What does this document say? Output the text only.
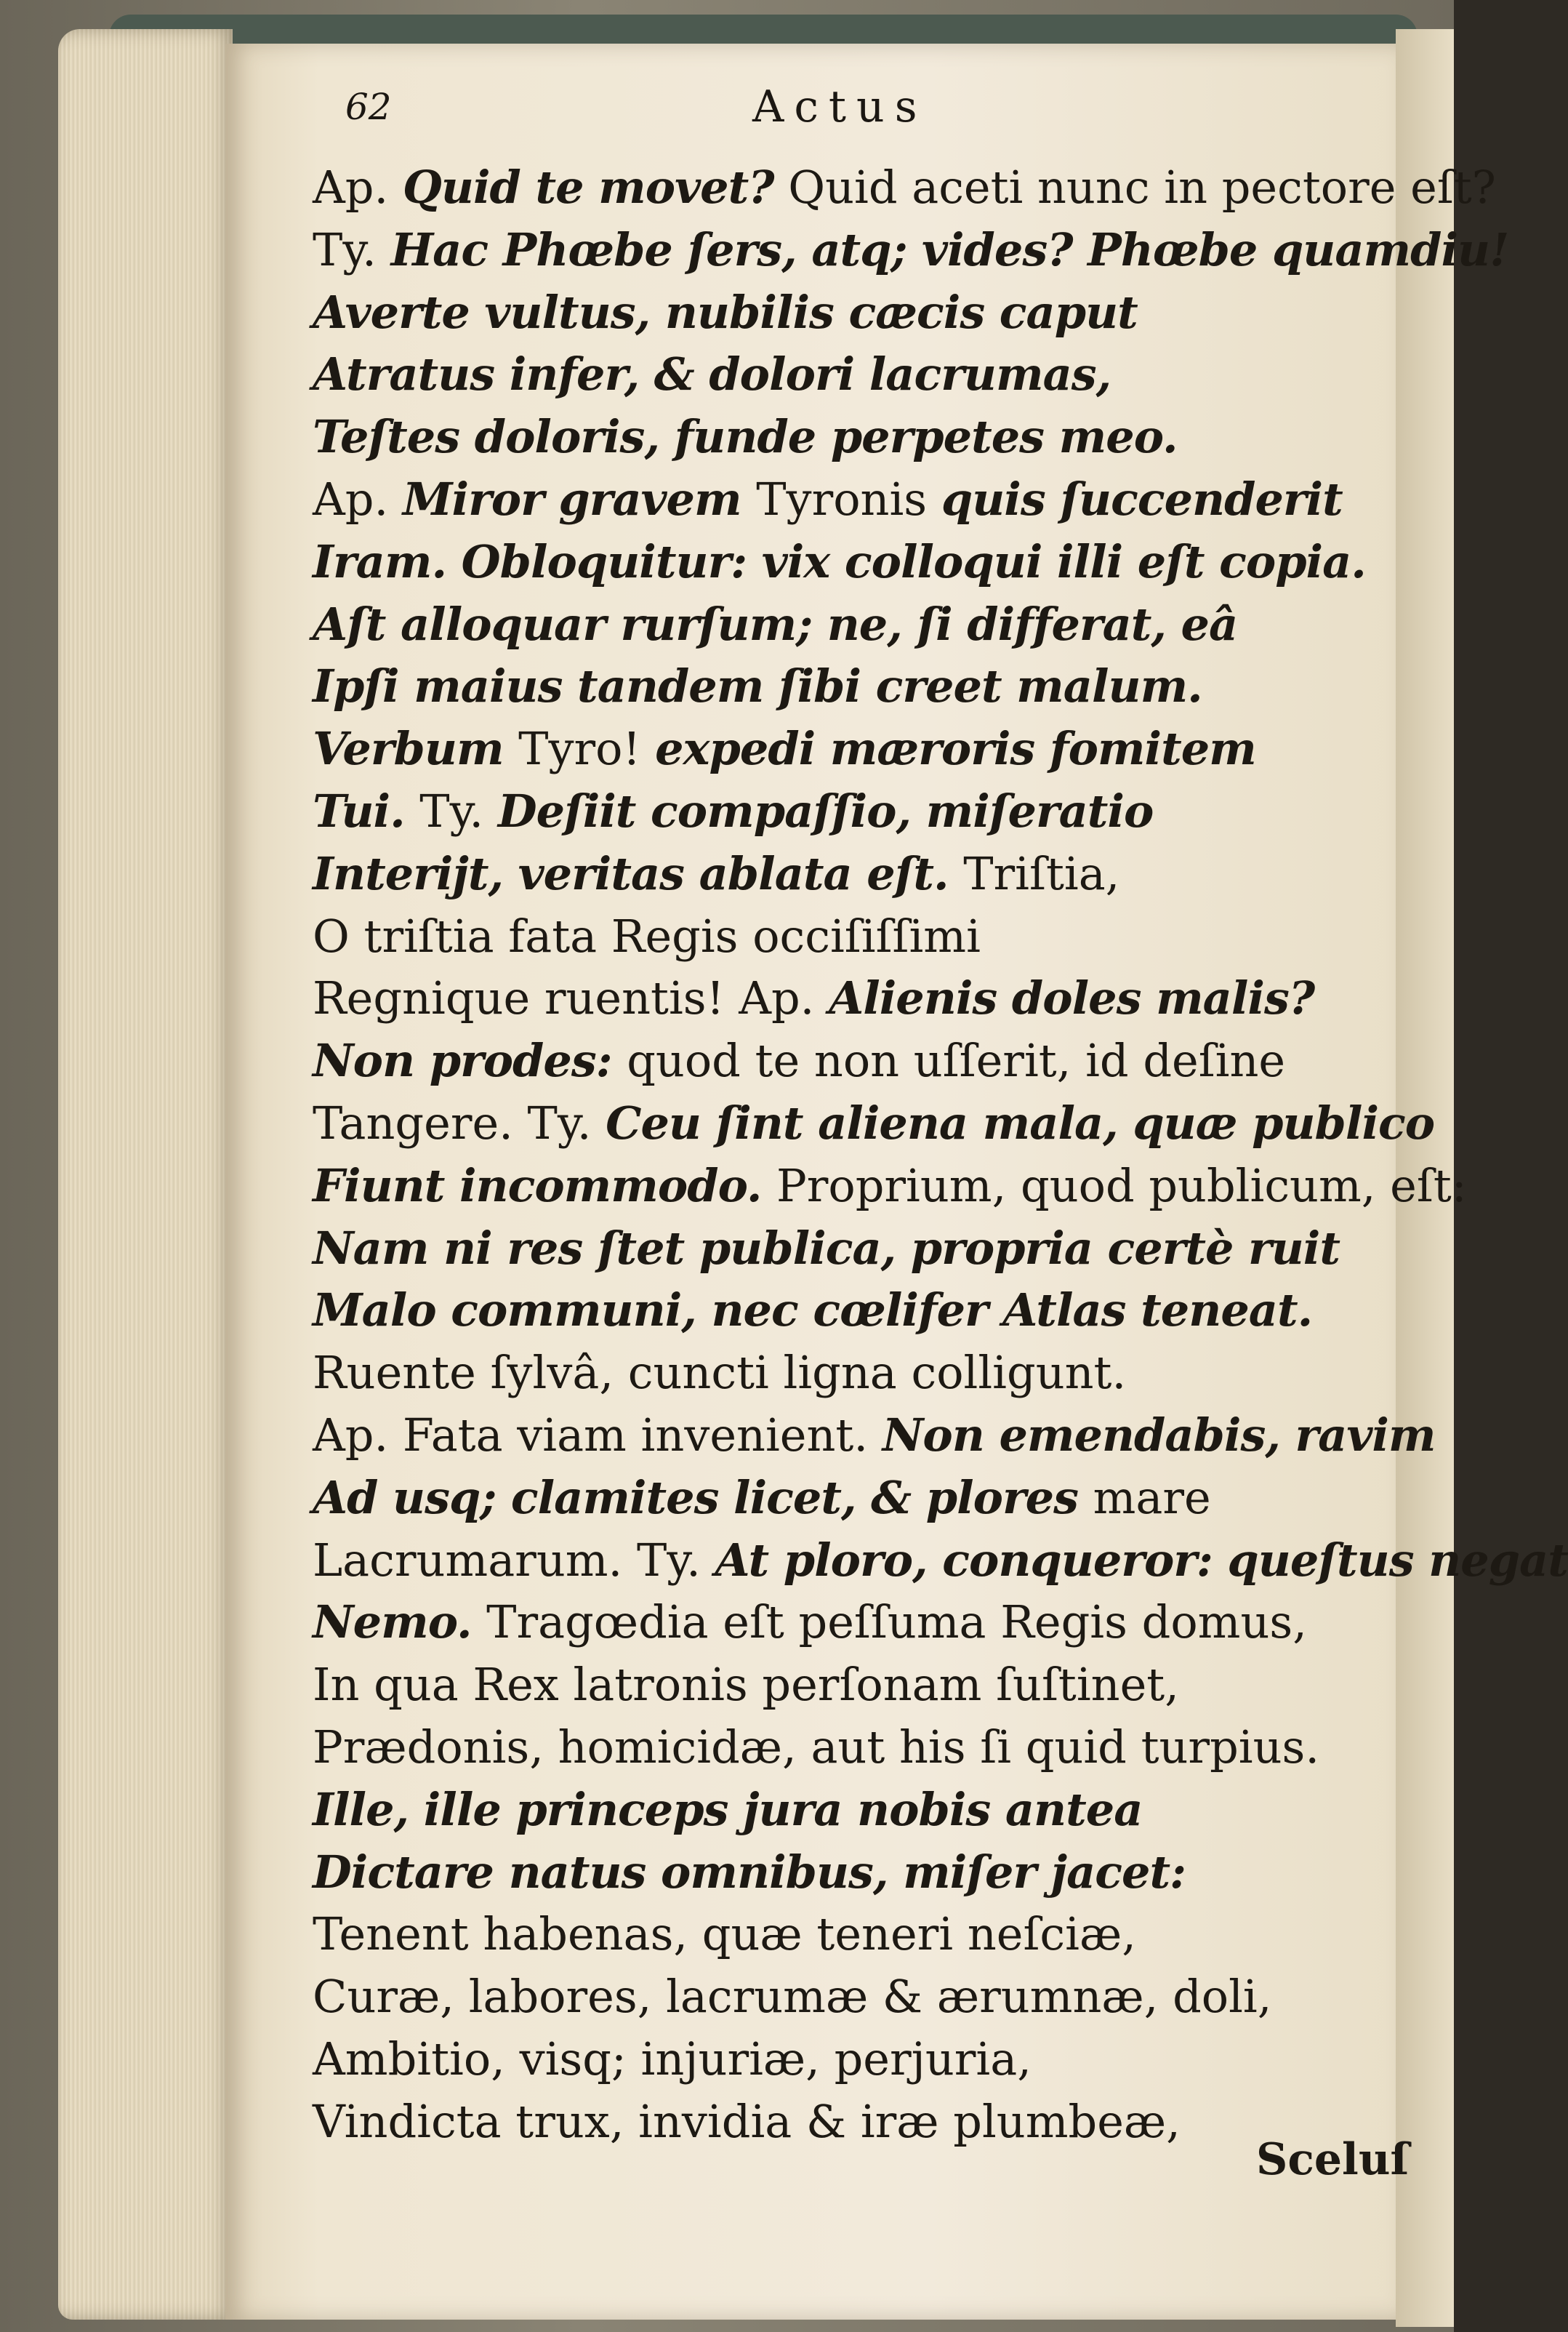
62	Actus
Ap. Quid te movet? Quid aceti nunc in pectore eſt?
Ty. Hac Phœbe ſers, atq; vides? Phœbe quamdiu!
Averte vultus, nubilis cæcis caput
Atratus infer, & dolori lacrumas,
Teſtes doloris, funde perpetes meo.
Ap. Miror gravem Tyronis quis ſuccenderit
Iram. Obloquitur: vix colloqui illi eſt copia.
Aſt alloquar rurſum; ne, ſi differat, eâ
Ipſi maius tandem ſibi creet malum.
Verbum Tyro! expedi mæroris fomitem
Tui. Ty. Deſiit compaſſio, miſeratio
Interijt, veritas ablata eſt. Triſtia,
O triſtia fata Regis occiſiſſimi
Regnique ruentis! Ap. Alienis doles malis?
Non prodes: quod te non uſſerit, id deſine
Tangere. Ty. Ceu ſint aliena mala, quæ publico
Fiunt incommodo. Proprium, quod publicum, eſt:
Nam ni res ſtet publica, propria certè ruit
Malo communi, nec cœlifer Atlas teneat.
Ruente ſylvâ, cuncti ligna colligunt.
Ap. Fata viam invenient. Non emendabis, ravim
Ad usq; clamites licet, & plores mare
Lacrumarum. Ty. At ploro, conqueror: queſtus negat
Nemo. Tragœdia eſt peſſuma Regis domus,
In qua Rex latronis perſonam ſuſtinet,
Prædonis, homicidæ, aut his ſi quid turpius.
Ille, ille princeps jura nobis antea
Dictare natus omnibus, miſer jacet:
Tenent habenas, quæ teneri neſciæ,
Curæ, labores, lacrumæ & ærumnæ, doli,
Ambitio, visq; injuriæ, perjuria,
Vindicta trux, invidia & iræ plumbeæ,
Sceluſ
